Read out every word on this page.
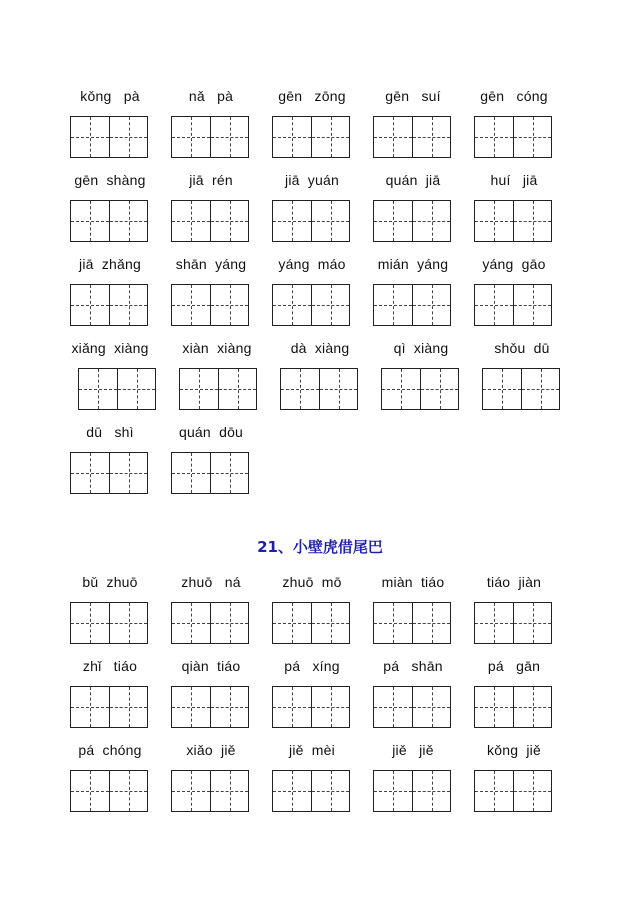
kǒng   pà	nǎ   pà	gēn   zōng	gēn   suí	gēn   cóng
gēn  shàng	jiā  rén	jiā  yuán	quán  jiā	huí   jiā
jiā  zhǎng	shān  yáng	yáng  máo	mián  yáng	yáng  gāo
xiǎng  xiàng	xiàn  xiàng	dà  xiàng	qì  xiàng	shǒu  dū
dū   shì	quán  dōu
21、小壁虎借尾巴
bǔ  zhuō	zhuō   ná	zhuō  mō	miàn  tiáo	tiáo  jiàn
zhǐ   tiáo	qiàn  tiáo	pá   xíng	pá   shān	pá   gān
pá  chóng	xiǎo  jiě	jiě  mèi	jiě   jiě	kǒng  jiě
